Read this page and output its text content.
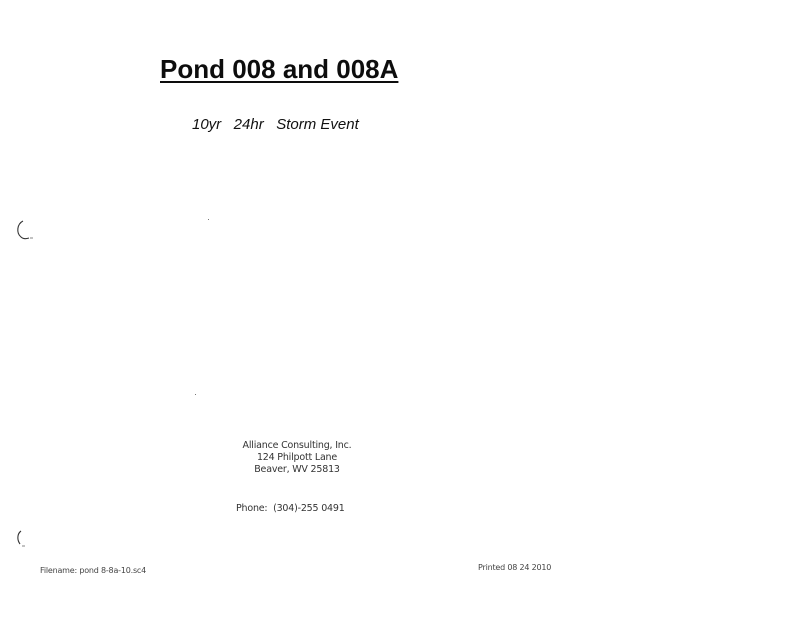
Pond 008 and 008A
10yr   24hr   Storm Event
Alliance Consulting, Inc.
124 Philpott Lane
Beaver, WV 25813
Phone:  (304)-255 0491
Filename: pond 8-8a-10.sc4	Printed 08 24 2010
